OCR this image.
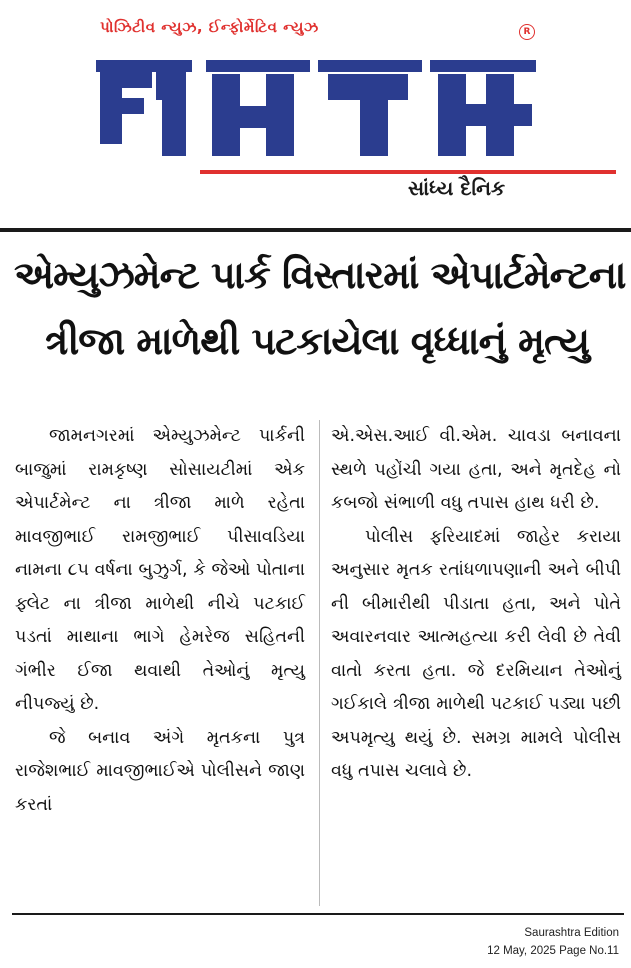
પોઝિટીવ ન્યુઝ, ઈન્ફોર્મેટિવ ન્યુઝ	R
સાંધ્ય દૈનિક
એમ્યુઝમેન્ટ પાર્ક વિસ્તારમાં એપાર્ટમેન્ટના
ત્રીજા માળેથી પટકાયેલા વૃધ્ધાનું મૃત્યુ

જામનગરમાં એમ્યુઝમેન્ટ પાર્કની બાજુમાં રામકૃષ્ણ સોસાયટીમાં એક એપાર્ટમેન્ટ ના ત્રીજા માળે રહેતા માવજીભાઈ રામજીભાઈ પીસાવડિયા નામના ૮૫ વર્ષના બુઝુર્ગ, કે જેઓ પોતાના ફ્લેટ ના ત્રીજા માળેથી નીચે પટકાઈ પડતાં માથાના ભાગે હેમરેજ સહિતની ગંભીર ઈજા થવાથી તેઓનું મૃત્યુ નીપજ્યું છે.

જે બનાવ અંગે મૃતકના પુત્ર રાજેશભાઈ માવજીભાઈએ પોલીસને જાણ કરતાં

એ.એસ.આઈ વી.એમ. ચાવડા બનાવના સ્થળે પહોંચી ગયા હતા, અને મૃતદેહ નો કબજો સંભાળી વધુ તપાસ હાથ ધરી છે.

પોલીસ ફરિયાદમાં જાહેર કરાયા અનુસાર મૃતક રતાંધળાપણાની અને બીપી ની બીમારીથી પીડાતા હતા, અને પોતે અવારનવાર આત્મહત્યા કરી લેવી છે તેવી વાતો કરતા હતા. જે દરમિયાન તેઓનું ગઈકાલે ત્રીજા માળેથી પટકાઈ પડ્યા પછી અપમૃત્યુ થયું છે. સમગ્ર મામલે પોલીસ વધુ તપાસ ચલાવે છે.

Saurashtra Edition
12 May, 2025 Page No.11
